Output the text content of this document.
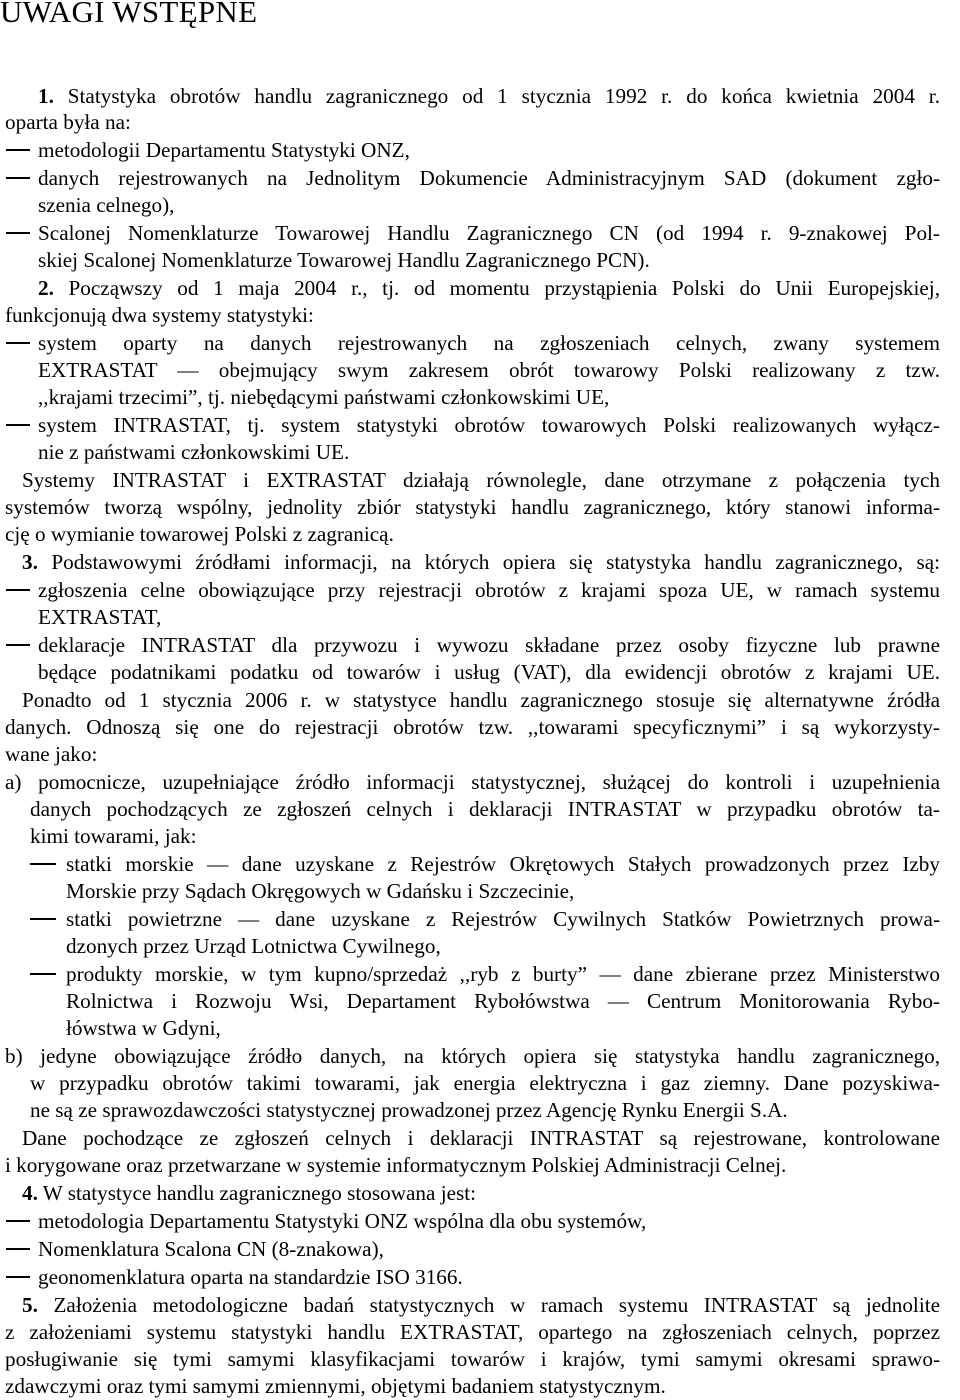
UWAGI WSTĘPNE
1. Statystyka obrotów handlu zagranicznego od 1 stycznia 1992 r. do końca kwietnia 2004 r.
oparta była na:
metodologii Departamentu Statystyki ONZ,
danych rejestrowanych na Jednolitym Dokumencie Administracyjnym SAD (dokument zgło-
szenia celnego),
Scalonej Nomenklaturze Towarowej Handlu Zagranicznego CN (od 1994 r. 9-znakowej Pol-
skiej Scalonej Nomenklaturze Towarowej Handlu Zagranicznego PCN).
2. Począwszy od 1 maja 2004 r., tj. od momentu przystąpienia Polski do Unii Europejskiej,
funkcjonują dwa systemy statystyki:
system oparty na danych rejestrowanych na zgłoszeniach celnych, zwany systemem
EXTRASTAT — obejmujący swym zakresem obrót towarowy Polski realizowany z tzw.
,,krajami trzecimi”, tj. niebędącymi państwami członkowskimi UE,
system INTRASTAT, tj. system statystyki obrotów towarowych Polski realizowanych wyłącz-
nie z państwami członkowskimi UE.
Systemy INTRASTAT i EXTRASTAT działają równolegle, dane otrzymane z połączenia tych
systemów tworzą wspólny, jednolity zbiór statystyki handlu zagranicznego, który stanowi informa-
cję o wymianie towarowej Polski z zagranicą.
3. Podstawowymi źródłami informacji, na których opiera się statystyka handlu zagranicznego, są:
zgłoszenia celne obowiązujące przy rejestracji obrotów z krajami spoza UE, w ramach systemu
EXTRASTAT,
deklaracje INTRASTAT dla przywozu i wywozu składane przez osoby fizyczne lub prawne
będące podatnikami podatku od towarów i usług (VAT), dla ewidencji obrotów z krajami UE.
Ponadto od 1 stycznia 2006 r. w statystyce handlu zagranicznego stosuje się alternatywne źródła
danych. Odnoszą się one do rejestracji obrotów tzw. ,,towarami specyficznymi” i są wykorzysty-
wane jako:
a) pomocnicze, uzupełniające źródło informacji statystycznej, służącej do kontroli i uzupełnienia
danych pochodzących ze zgłoszeń celnych i deklaracji INTRASTAT w przypadku obrotów ta-
kimi towarami, jak:
statki morskie — dane uzyskane z Rejestrów Okrętowych Stałych prowadzonych przez Izby
Morskie przy Sądach Okręgowych w Gdańsku i Szczecinie,
statki powietrzne — dane uzyskane z Rejestrów Cywilnych Statków Powietrznych prowa-
dzonych przez Urząd Lotnictwa Cywilnego,
produkty morskie, w tym kupno/sprzedaż ,,ryb z burty” — dane zbierane przez Ministerstwo
Rolnictwa i Rozwoju Wsi, Departament Rybołówstwa — Centrum Monitorowania Rybo-
łówstwa w Gdyni,
b) jedyne obowiązujące źródło danych, na których opiera się statystyka handlu zagranicznego,
w przypadku obrotów takimi towarami, jak energia elektryczna i gaz ziemny. Dane pozyskiwa-
ne są ze sprawozdawczości statystycznej prowadzonej przez Agencję Rynku Energii S.A.
Dane pochodzące ze zgłoszeń celnych i deklaracji INTRASTAT są rejestrowane, kontrolowane
i korygowane oraz przetwarzane w systemie informatycznym Polskiej Administracji Celnej.
4. W statystyce handlu zagranicznego stosowana jest:
metodologia Departamentu Statystyki ONZ wspólna dla obu systemów,
Nomenklatura Scalona CN (8-znakowa),
geonomenklatura oparta na standardzie ISO 3166.
5. Założenia metodologiczne badań statystycznych w ramach systemu INTRASTAT są jednolite
z założeniami systemu statystyki handlu EXTRASTAT, opartego na zgłoszeniach celnych, poprzez
posługiwanie się tymi samymi klasyfikacjami towarów i krajów, tymi samymi okresami sprawo-
zdawczymi oraz tymi samymi zmiennymi, objętymi badaniem statystycznym.
